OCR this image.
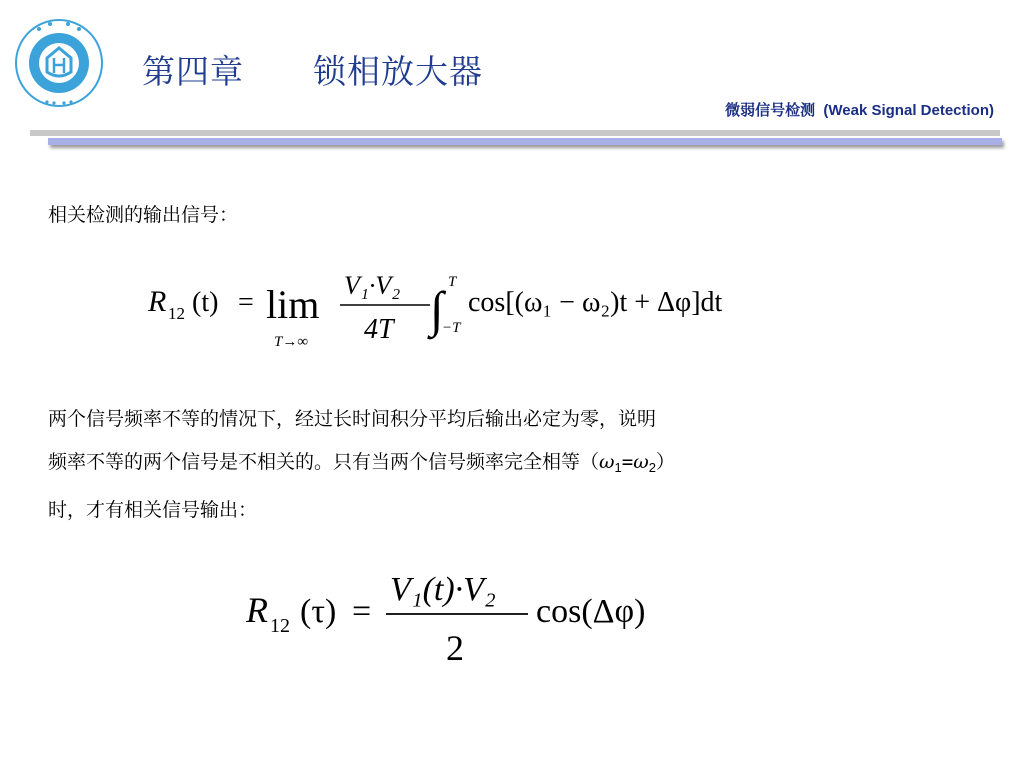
第四章      锁相放大器
微弱信号检测  (Weak Signal Detection)
相关检测的输出信号：
R 12 (t) = lim
T→∞
V₁·V₂
4T ∫ T
−T
cos[(ω₁ − ω₂)t + Δφ]dt
两个信号频率不等的情况下，经过长时间积分平均后输出必定为零，说明
频率不等的两个信号是不相关的。只有当两个信号频率完全相等$(\omega_1=\omega_2)$
时，才有相关信号输出：
R 12 (τ) =
V₁(t)·V₂
2
cos(Δφ)
